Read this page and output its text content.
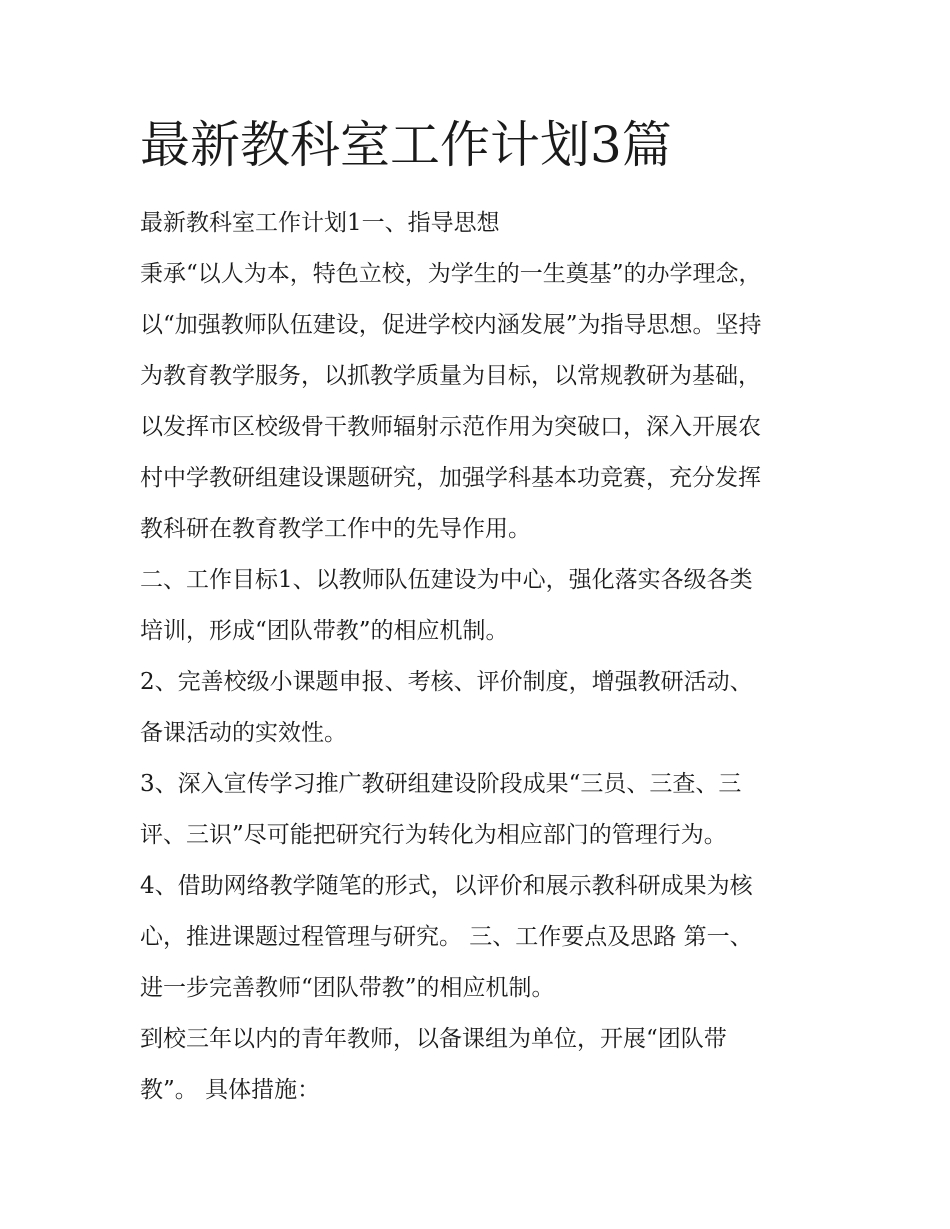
最新教科室工作计划3篇
最新教科室工作计划1一、指导思想
秉承“以人为本，特色立校，为学生的一生奠基”的办学理念，
以“加强教师队伍建设，促进学校内涵发展”为指导思想。坚持
为教育教学服务，以抓教学质量为目标，以常规教研为基础，
以发挥市区校级骨干教师辐射示范作用为突破口，深入开展农
村中学教研组建设课题研究，加强学科基本功竞赛，充分发挥
教科研在教育教学工作中的先导作用。
二、工作目标1、以教师队伍建设为中心，强化落实各级各类
培训，形成“团队带教”的相应机制。
2、完善校级小课题申报、考核、评价制度，增强教研活动、
备课活动的实效性。
3、深入宣传学习推广教研组建设阶段成果“三员、三查、三
评、三识”尽可能把研究行为转化为相应部门的管理行为。
4、借助网络教学随笔的形式，以评价和展示教科研成果为核
心，推进课题过程管理与研究。 三、工作要点及思路 第一、
进一步完善教师“团队带教”的相应机制。
到校三年以内的青年教师，以备课组为单位，开展“团队带
教”。 具体措施：
